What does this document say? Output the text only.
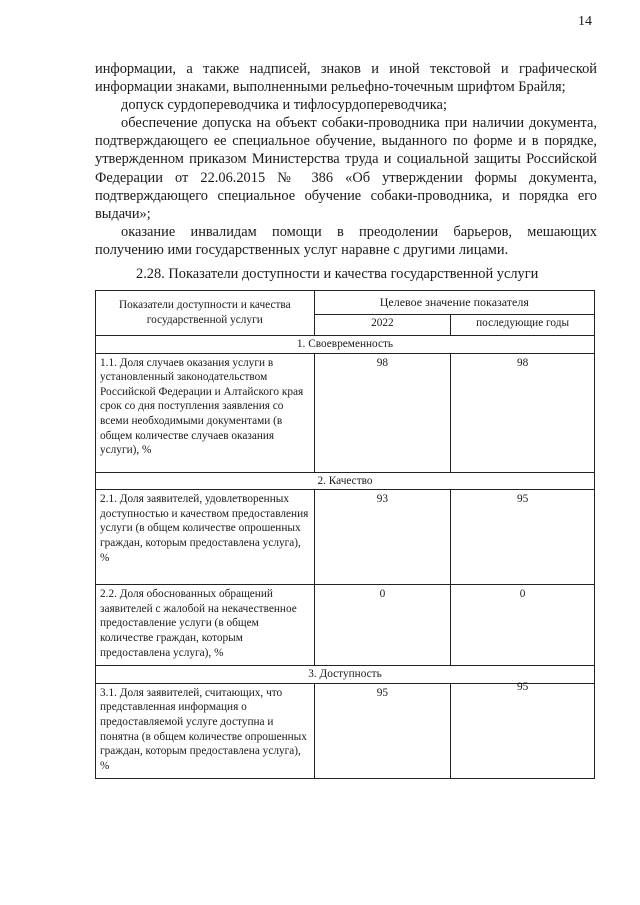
14

информации, а также надписей, знаков и иной текстовой и графической информации знаками, выполненными рельефно-точечным шрифтом Брайля;

допуск сурдопереводчика и тифлосурдопереводчика;

обеспечение допуска на объект собаки-проводника при наличии документа, подтверждающего ее специальное обучение, выданного по форме и в порядке, утвержденном приказом Министерства труда и социальной защиты Российской Федерации от 22.06.2015 № 386 «Об утверждении формы документа, подтверждающего специальное обучение собаки-проводника, и порядка его выдачи»;

оказание инвалидам помощи в преодолении барьеров, мешающих получению ими государственных услуг наравне с другими лицами.

2.28. Показатели доступности и качества государственной услуги
Показатели доступности и качества государственной услуги	Целевое значение показателя	
	2022	последующие годы
1. Своевременность		
1.1. Доля случаев оказания услуги в установленный законодательством Российской Федерации и Алтайского края срок со дня поступления заявления со всеми необходимыми документами (в общем количестве случаев оказания услуги), %	98	98
2. Качество		
2.1. Доля заявителей, удовлетворенных доступностью и качеством предоставления услуги (в общем количестве опрошенных граждан, которым предоставлена услуга), %	93	95
2.2. Доля обоснованных обращений заявителей с жалобой на некачественное предоставление услуги (в общем количестве граждан, которым предоставлена услуга), %	0	0
3. Доступность		
3.1. Доля заявителей, считающих, что представленная информация о предоставляемой услуге доступна и понятна (в общем количестве опрошенных граждан, которым предоставлена услуга), %	95	95
